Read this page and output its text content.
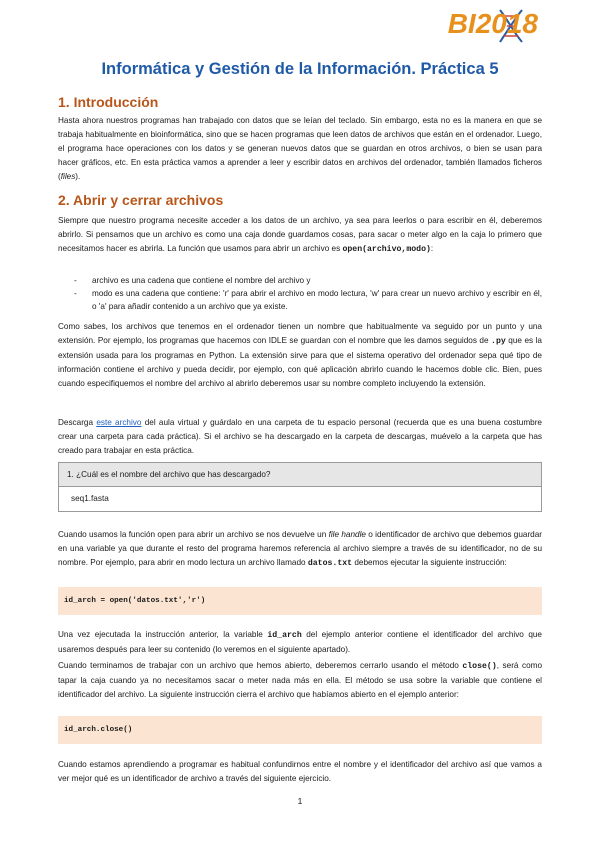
BI2018
Informática y Gestión de la Información. Práctica 5
1. Introducción
Hasta ahora nuestros programas han trabajado con datos que se leían del teclado. Sin embargo, esta no es la manera en que se trabaja habitualmente en bioinformática, sino que se hacen programas que leen datos de archivos que están en el ordenador. Luego, el programa hace operaciones con los datos y se generan nuevos datos que se guardan en otros archivos, o bien se usan para hacer gráficos, etc. En esta práctica vamos a aprender a leer y escribir datos en archivos del ordenador, también llamados ficheros (files).
2. Abrir y cerrar archivos
Siempre que nuestro programa necesite acceder a los datos de un archivo, ya sea para leerlos o para escribir en él, deberemos abrirlo. Si pensamos que un archivo es como una caja donde guardamos cosas, para sacar o meter algo en la caja lo primero que necesitamos hacer es abrirla. La función que usamos para abrir un archivo es open(archivo,modo):
- archivo es una cadena que contiene el nombre del archivo y
- modo es una cadena que contiene: 'r' para abrir el archivo en modo lectura, 'w' para crear un nuevo archivo y escribir en él, o 'a' para añadir contenido a un archivo que ya existe.
Como sabes, los archivos que tenemos en el ordenador tienen un nombre que habitualmente va seguido por un punto y una extensión. Por ejemplo, los programas que hacemos con IDLE se guardan con el nombre que les damos seguidos de .py que es la extensión usada para los programas en Python. La extensión sirve para que el sistema operativo del ordenador sepa qué tipo de información contiene el archivo y pueda decidir, por ejemplo, con qué aplicación abrirlo cuando le hacemos doble clic. Bien, pues cuando especifiquemos el nombre del archivo al abrirlo deberemos usar su nombre completo incluyendo la extensión.
Descarga este archivo del aula virtual y guárdalo en una carpeta de tu espacio personal (recuerda que es una buena costumbre crear una carpeta para cada práctica). Si el archivo se ha descargado en la carpeta de descargas, muévelo a la carpeta que has creado para trabajar en esta práctica.
1. ¿Cuál es el nombre del archivo que has descargado?
seq1.fasta
Cuando usamos la función open para abrir un archivo se nos devuelve un file handle o identificador de archivo que debemos guardar en una variable ya que durante el resto del programa haremos referencia al archivo siempre a través de su identificador, no de su nombre. Por ejemplo, para abrir en modo lectura un archivo llamado datos.txt debemos ejecutar la siguiente instrucción:
id_arch = open('datos.txt','r')
Una vez ejecutada la instrucción anterior, la variable id_arch del ejemplo anterior contiene el identificador del archivo que usaremos después para leer su contenido (lo veremos en el siguiente apartado).
Cuando terminamos de trabajar con un archivo que hemos abierto, deberemos cerrarlo usando el método close(), será como tapar la caja cuando ya no necesitamos sacar o meter nada más en ella. El método se usa sobre la variable que contiene el identificador del archivo. La siguiente instrucción cierra el archivo que habíamos abierto en el ejemplo anterior:
id_arch.close()
Cuando estamos aprendiendo a programar es habitual confundirnos entre el nombre y el identificador del archivo así que vamos a ver mejor qué es un identificador de archivo a través del siguiente ejercicio.
1
